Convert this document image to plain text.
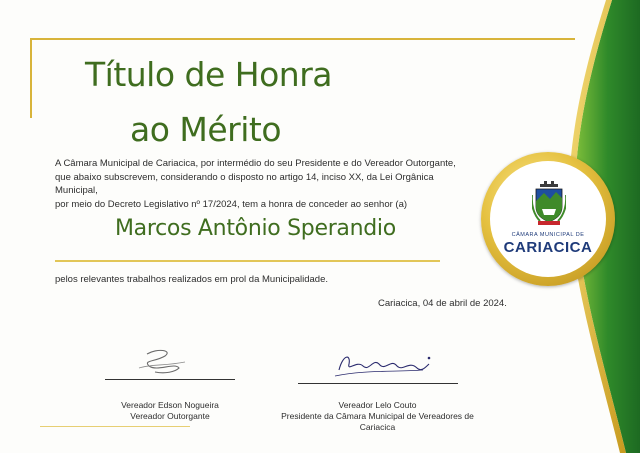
Título de Honra
ao Mérito
A Câmara Municipal de Cariacica, por intermédio do seu Presidente e do Vereador Outorgante,
que abaixo subscrevem, considerando o disposto no artigo 14, inciso XX, da Lei Orgânica Municipal,
por meio do Decreto Legislativo nº 17/2024, tem a honra de conceder ao senhor (a)
Marcos Antônio Sperandio
pelos relevantes trabalhos realizados em prol da Municipalidade.
Cariacica, 04 de abril de 2024.
Vereador Edson Nogueira
Vereador Outorgante
Vereador Lelo Couto
Presidente da Câmara Municipal de Vereadores de
Cariacica
CÂMARA MUNICIPAL DE
CARIACICA
